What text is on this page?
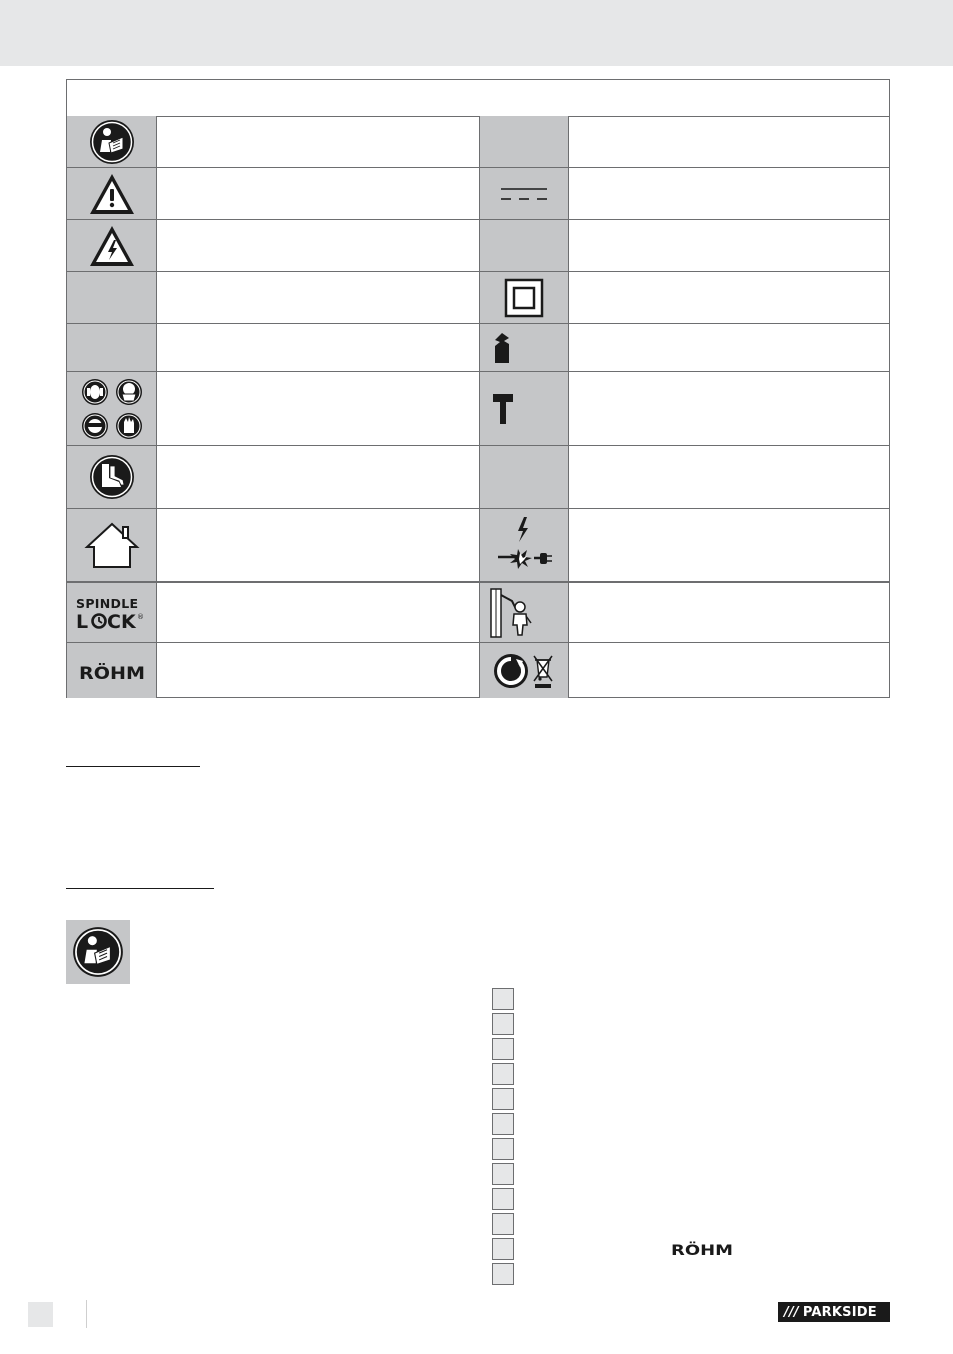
SPINDLE
L CK ®
RÖHM
RÖHM
/// PARKSIDE
